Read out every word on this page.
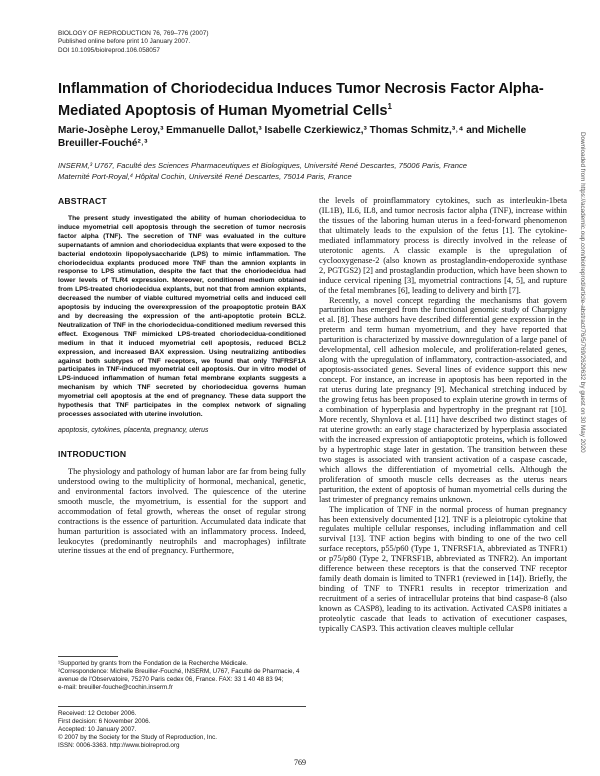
BIOLOGY OF REPRODUCTION 76, 769–776 (2007)
Published online before print 10 January 2007.
DOI 10.1095/biolreprod.106.058057
Inflammation of Choriodecidua Induces Tumor Necrosis Factor Alpha-Mediated Apoptosis of Human Myometrial Cells$^1$
Marie-Josèphe Leroy,³ Emmanuelle Dallot,³ Isabelle Czerkiewicz,³ Thomas Schmitz,³˒⁴ and Michelle
Breuiller-Fouché²˒³
INSERM,³ U767, Faculté des Sciences Pharmaceutiques et Biologiques, Université René Descartes, 75006 Paris, France
Maternité Port-Royal,⁴ Hôpital Cochin, Université René Descartes, 75014 Paris, France
ABSTRACT

The present study investigated the ability of human choriodecidua to induce myometrial cell apoptosis through the secretion of tumor necrosis factor alpha (TNF). The secretion of TNF was evaluated in the culture supernatants of amnion and choriodecidua explants that were exposed to the bacterial endotoxin lipopolysaccharide (LPS) to mimic inflammation. The choriodecidua explants produced more TNF than the amnion explants in response to LPS stimulation, despite the fact that the choriodecidua had lower levels of TLR4 expression. Moreover, conditioned medium obtained from LPS-treated choriodecidua explants, but not that from amnion explants, decreased the number of viable cultured myometrial cells and induced cell apoptosis by inducing the overexpression of the proapoptotic protein BAX and by decreasing the expression of the anti-apoptotic protein BCL2. Neutralization of TNF in the choriodecidua-conditioned medium reversed this effect. Exogenous TNF mimicked LPS-treated choriodecidua-conditioned medium in that it induced myometrial cell apoptosis, reduced BCL2 expression, and increased BAX expression. Using neutralizing antibodies against both subtypes of TNF receptors, we found that only TNFRSF1A participates in TNF-induced myometrial cell apoptosis. Our in vitro model of LPS-induced inflammation of human fetal membrane explants suggests a mechanism by which TNF secreted by choriodecidua governs human myometrial cell apoptosis at the end of pregnancy. These data support the hypothesis that TNF participates in the complex network of signaling processes associated with uterine involution.

apoptosis, cytokines, placenta, pregnancy, uterus

INTRODUCTION

The physiology and pathology of human labor are far from being fully understood owing to the multiplicity of hormonal, mechanical, genetic, and environmental factors involved. The quiescence of the uterine smooth muscle, the myometrium, is essential for the support and accommodation of fetal growth, whereas the onset of regular strong contractions is the essence of parturition. Accumulated data indicate that human parturition is associated with an inflammatory process. Indeed, leukocytes (predominantly neutrophils and macrophages) infiltrate uterine tissues at the end of pregnancy. Furthermore,

¹Supported by grants from the Fondation de la Recherche Médicale.

²Correspondence: Michelle Breuiller-Fouché, INSERM, U767, Faculté de Pharmacie, 4 avenue de l'Observatoire, 75270 Paris cedex 06, France. FAX: 33 1 40 48 83 94;

e-mail: breuiller-fouche@cochin.inserm.fr

Received: 12 October 2006.

First decision: 6 November 2006.

Accepted: 10 January 2007.

© 2007 by the Society for the Study of Reproduction, Inc.

ISSN: 0006-3363. http://www.biolreprod.org

the levels of proinflammatory cytokines, such as interleukin-1beta (IL1B), IL6, IL8, and tumor necrosis factor alpha (TNF), increase within the tissues of the laboring human uterus in a feed-forward phenomenon that ultimately leads to the expulsion of the fetus [1]. The cytokine-mediated inflammatory process is directly involved in the release of uterotonic agents. A classic example is the upregulation of cyclooxygenase-2 (also known as prostaglandin-endoperoxide synthase 2, PGTGS2) [2] and prostaglandin production, which have been shown to induce cervical ripening [3], myometrial contractions [4, 5], and rupture of the fetal membranes [6], leading to delivery and birth [7].

Recently, a novel concept regarding the mechanisms that govern parturition has emerged from the functional genomic study of Charpigny et al. [8]. These authors have described differential gene expression in the preterm and term human myometrium, and they have reported that parturition is characterized by massive downregulation of a large panel of developmental, cell adhesion molecule, and proliferation-related genes, along with the upregulation of inflammatory, contraction-associated, and apoptosis-associated genes. Several lines of evidence support this new concept. For instance, an increase in apoptosis has been reported in the rat uterus during late pregnancy [9]. Mechanical stretching induced by the growing fetus has been proposed to explain uterine growth in terms of a combination of hyperplasia and hypertrophy in the pregnant rat [10]. More recently, Shynlova et al. [11] have described two distinct stages of rat uterine growth: an early stage characterized by hyperplasia associated with the increased expression of antiapoptotic proteins, which is followed by a hypertrophic stage later in gestation. The transition between these two stages is associated with transient activation of a caspase cascade, which allows the differentiation of myometrial cells. Although the proliferation of smooth muscle cells decreases as the uterus nears parturition, the extent of apoptosis of human myometrial cells during the last trimester of pregnancy remains unknown.

The implication of TNF in the normal process of human pregnancy has been extensively documented [12]. TNF is a pleiotropic cytokine that regulates multiple cellular responses, including inflammation and cell survival [13]. TNF action begins with binding to one of the two cell surface receptors, p55/p60 (Type 1, TNFRSF1A, abbreviated as TNFR1) or p75/p80 (Type 2, TNFRSF1B, abbreviated as TNFR2). An important difference between these receptors is that the conserved TNF receptor family death domain is limited to TNFR1 (reviewed in [14]). Briefly, the binding of TNF to TNFR1 results in receptor trimerization and recruitment of a series of intracellular proteins that bind caspase-8 (also known as CASP8), leading to its activation. Activated CASP8 initiates a proteolytic cascade that leads to activation of executioner caspases, typically CASP3. This activation cleaves multiple cellular

769
Downloaded from https://academic.oup.com/biolreprod/article-abstract/76/5/769/2629632 by guest on 30 May 2020
